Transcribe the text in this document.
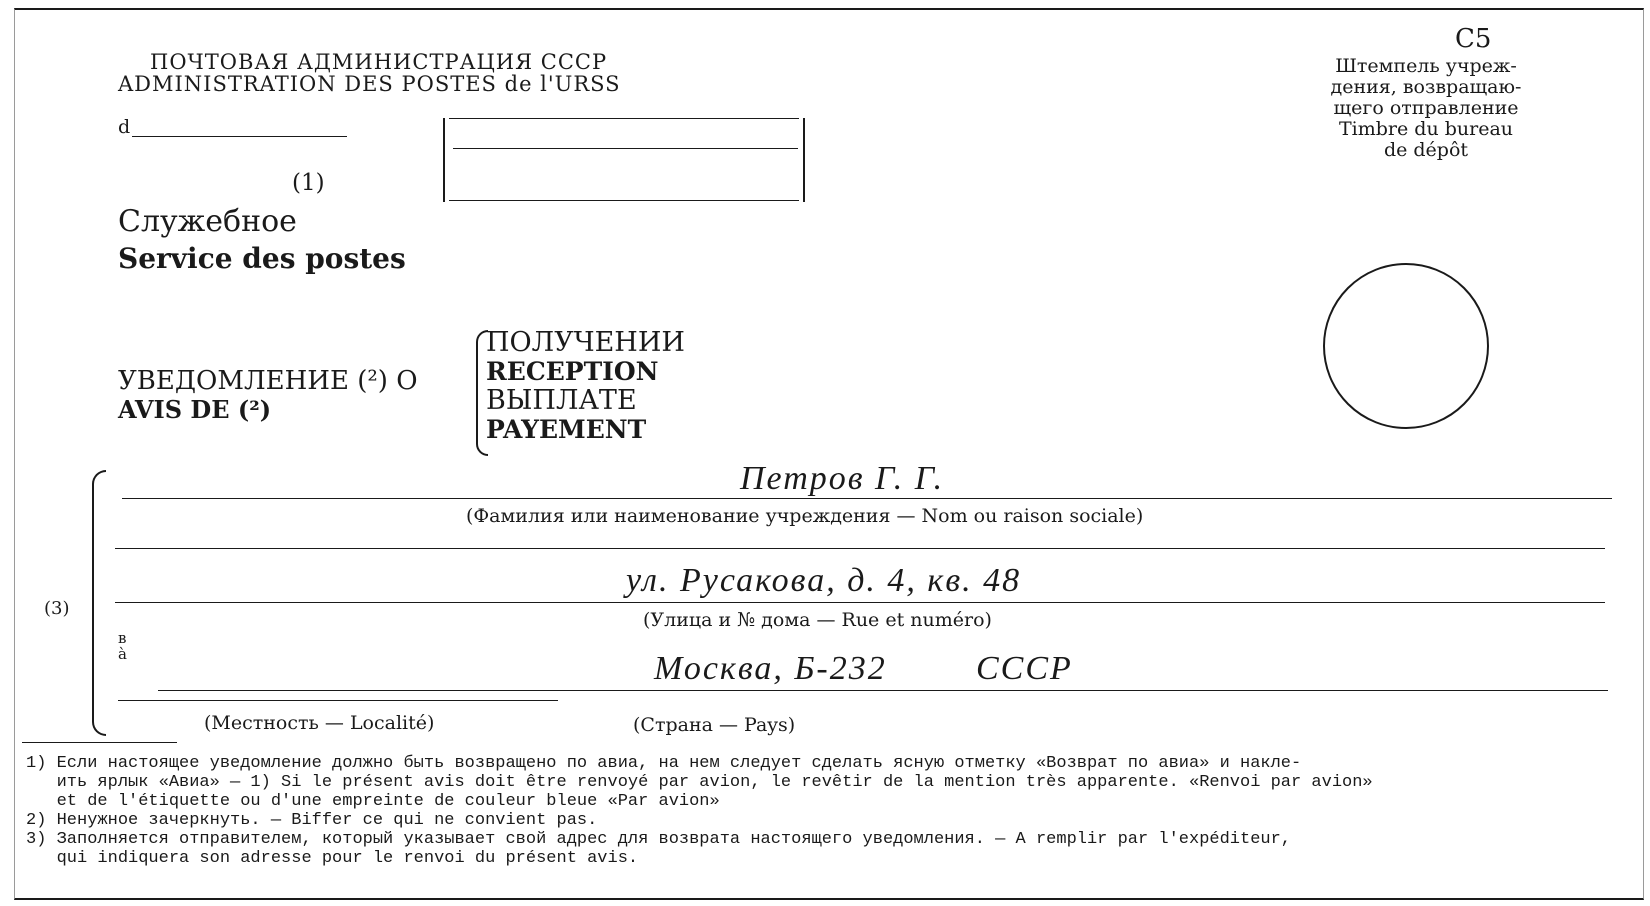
ПОЧТОВАЯ АДМИНИСТРАЦИЯ СССР
ADMINISTRATION DES POSTES de l'URSS
d
(1)
Служебное
Service des postes
УВЕДОМЛЕНИЕ (²) О
AVIS DE (²)
ПОЛУЧЕНИИ
RECEPTION
ВЫПЛАТЕ
PAYEMENT
C5
Штемпель учреж-
дения, возвращаю-
щего отправление
Timbre du bureau
de dépôt
(3)
Петров Г. Г.
(Фамилия или наименование учреждения — Nom ou raison sociale)
ул. Русакова, д. 4, кв. 48
(Улица и № дома — Rue et numéro)
в
à	Москва, Б-232	СССР
(Местность — Localité)	(Страна — Pays)
1) Если настоящее уведомление должно быть возвращено по авиа, на нем следует сделать ясную отметку «Возврат по авиа» и накле-
ить ярлык «Авиа» — 1) Si le présent avis doit être renvoyé par avion, le revêtir de la mention très apparente. «Renvoi par avion»
et de l'étiquette ou d'une empreinte de couleur bleue «Par avion»
2) Ненужное зачеркнуть. — Biffer ce qui ne convient pas.
3) Заполняется отправителем, который указывает свой адрес для возврата настоящего уведомления. — A remplir par l'expéditeur,
qui indiquera son adresse pour le renvoi du présent avis.
